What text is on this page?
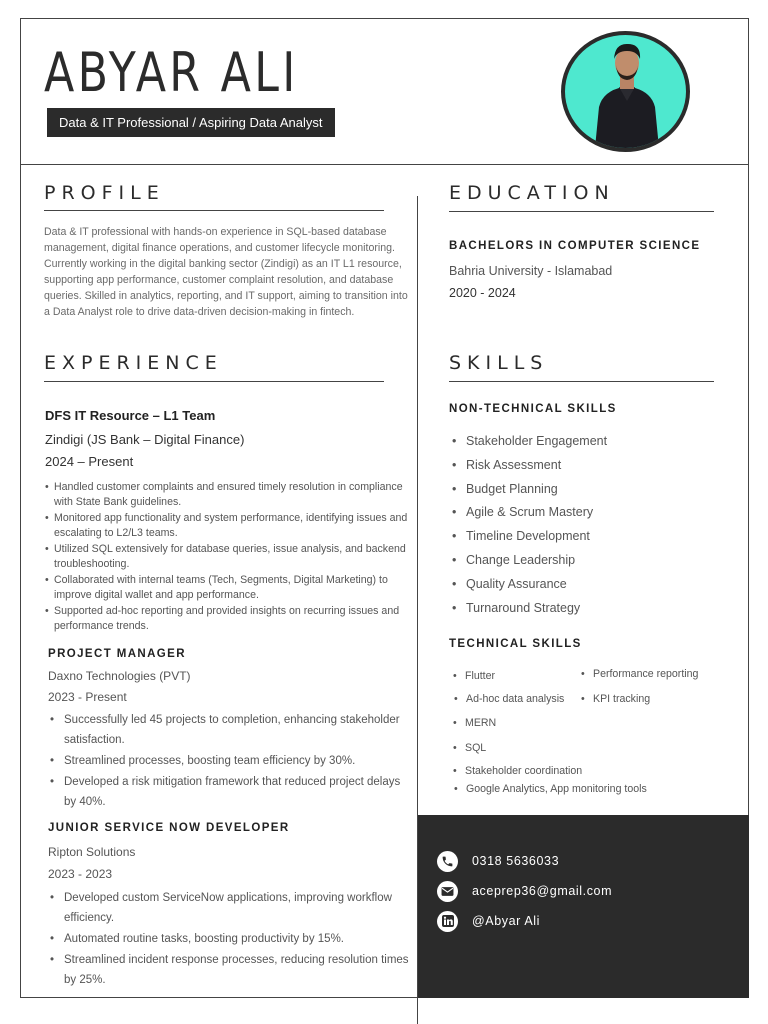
ABYAR ALI
Data & IT Professional / Aspiring Data Analyst
PROFILE
Data & IT professional with hands-on experience in SQL-based database management, digital finance operations, and customer lifecycle monitoring. Currently working in the digital banking sector (Zindigi) as an IT L1 resource, supporting app performance, customer complaint resolution, and database queries. Skilled in analytics, reporting, and IT support, aiming to transition into a Data Analyst role to drive data-driven decision-making in fintech.
EXPERIENCE
DFS IT Resource – L1 Team
Zindigi (JS Bank – Digital Finance)
2024 – Present
• Handled customer complaints and ensured timely resolution in compliance with State Bank guidelines.
• Monitored app functionality and system performance, identifying issues and escalating to L2/L3 teams.
• Utilized SQL extensively for database queries, issue analysis, and backend troubleshooting.
• Collaborated with internal teams (Tech, Segments, Digital Marketing) to improve digital wallet and app performance.
• Supported ad-hoc reporting and provided insights on recurring issues and performance trends.
PROJECT MANAGER
Daxno Technologies (PVT)
2023 - Present
• Successfully led 45 projects to completion, enhancing stakeholder satisfaction.
• Streamlined processes, boosting team efficiency by 30%.
• Developed a risk mitigation framework that reduced project delays by 40%.
JUNIOR SERVICE NOW DEVELOPER
Ripton Solutions
2023 - 2023
• Developed custom ServiceNow applications, improving workflow efficiency.
• Automated routine tasks, boosting productivity by 15%.
• Streamlined incident response processes, reducing resolution times by 25%.
EDUCATION
BACHELORS IN COMPUTER SCIENCE
Bahria University - Islamabad
2020 - 2024
SKILLS
NON-TECHNICAL SKILLS
• Stakeholder Engagement
• Risk Assessment
• Budget Planning
• Agile & Scrum Mastery
• Timeline Development
• Change Leadership
• Quality Assurance
• Turnaround Strategy
TECHNICAL SKILLS
• Flutter
• Ad-hoc data analysis
• MERN
• SQL
• Stakeholder coordination
• Google Analytics, App monitoring tools
• Performance reporting
• KPI tracking
0318 5636033
aceprep36@gmail.com
@Abyar Ali
